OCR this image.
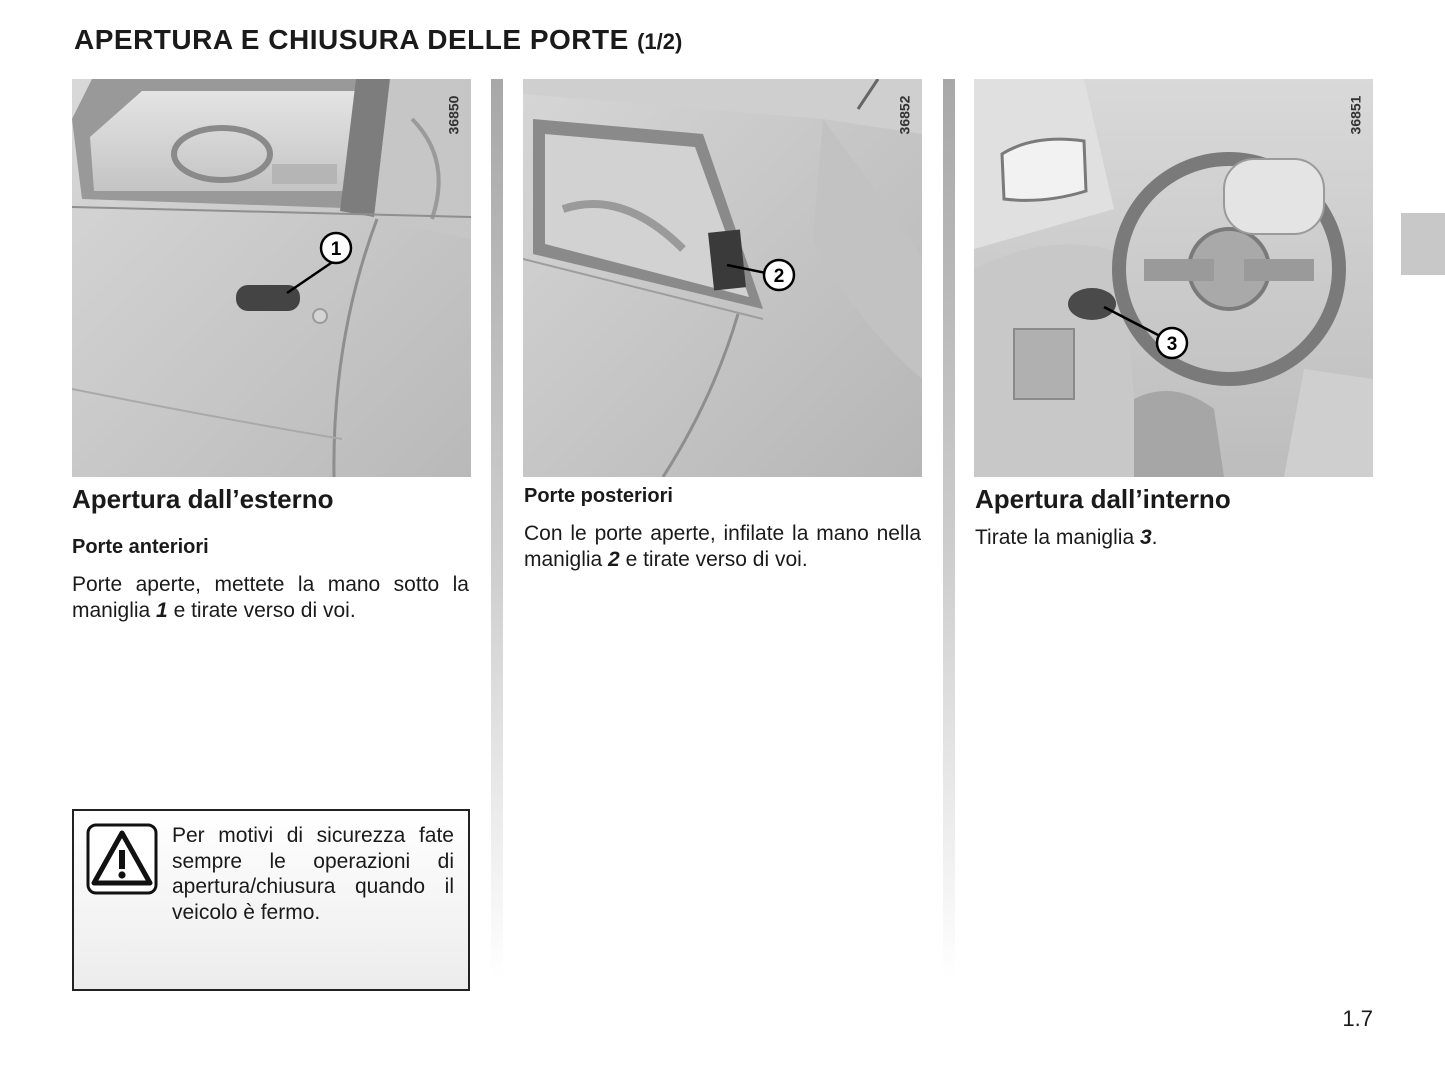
APERTURA E CHIUSURA DELLE PORTE (1/2)
1
36850
2
36852
3
36851
Apertura dall’esterno
Porte anteriori

Porte aperte, mettete la mano sotto la maniglia 1 e tirate verso di voi.

Per motivi di sicurezza fate sempre le operazioni di apertura/chiusura quando il veicolo è fermo.

Porte posteriori

Con le porte aperte, infilate la mano nella maniglia 2 e tirate verso di voi.

Apertura dall’interno

Tirate la maniglia 3.

1.7
